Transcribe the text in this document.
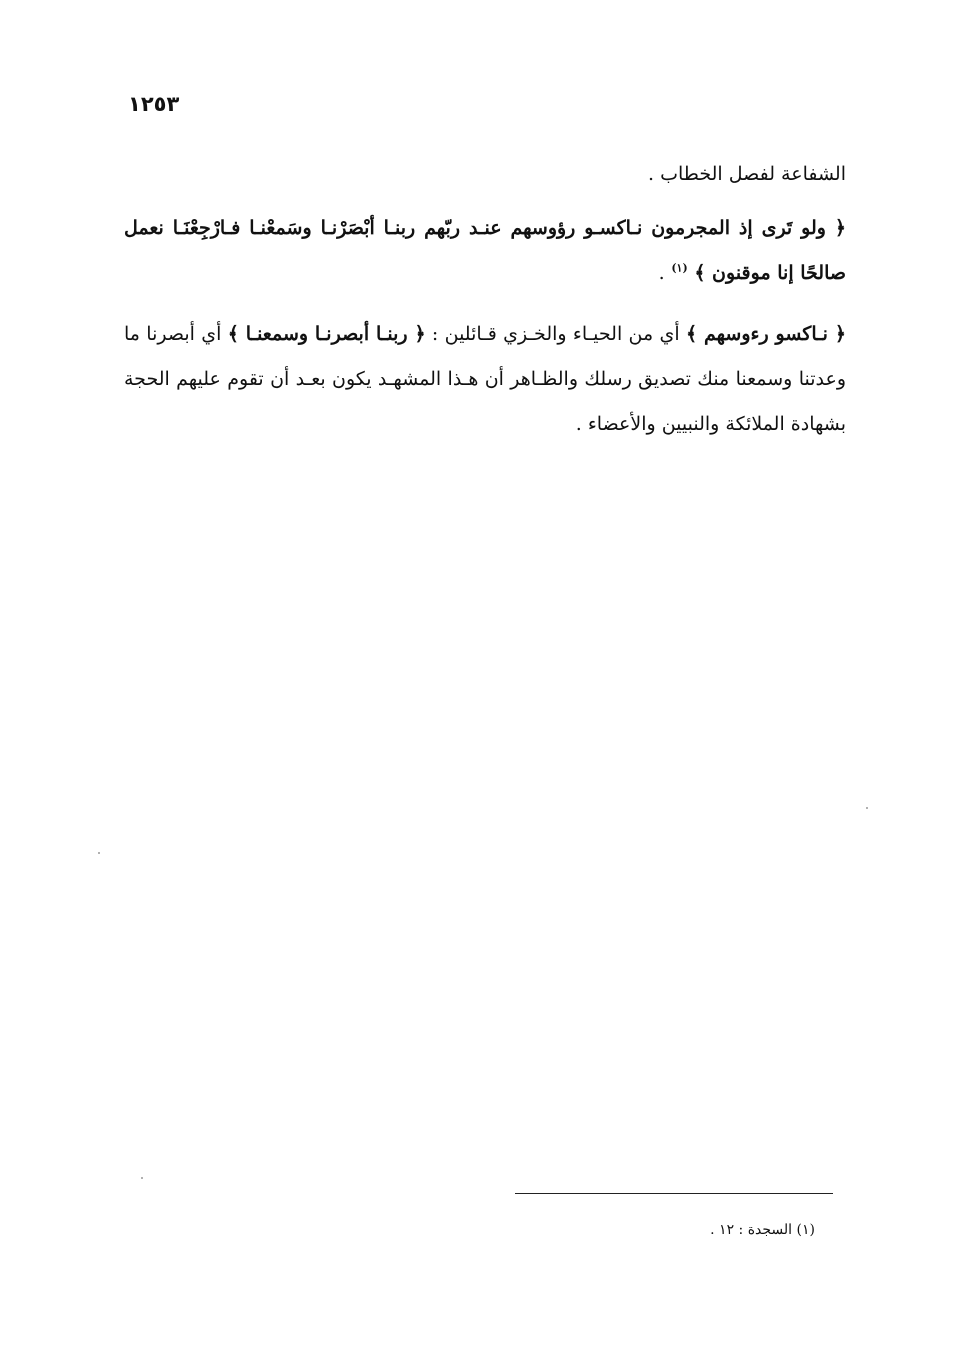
١٢٥٣

الشفاعة لفصل الخطاب .

﴿ ولو تَرى إذ المجرمون نـاكسـو رؤوسهم عنـد ربّهم ربنـا أبْصَرْنـا وسَمعْنـا فـارْجِعْنَـا نعمل صالحًا إنا موقنون ﴾ $^{(١)}$ .

﴿ نـاكسو رءوسهم ﴾ أي من الحيـاء والخـزي قـائلين : ﴿ ربنـا أبصرنـا وسمعنـا ﴾ أي أبصرنا ما وعدتنا وسمعنا منك تصديق رسلك والظـاهر أن هـذا المشهـد يكون بعـد أن تقوم عليهم الحجة بشهادة الملائكة والنبيين والأعضاء .

(١) السجدة : ١٢ .
